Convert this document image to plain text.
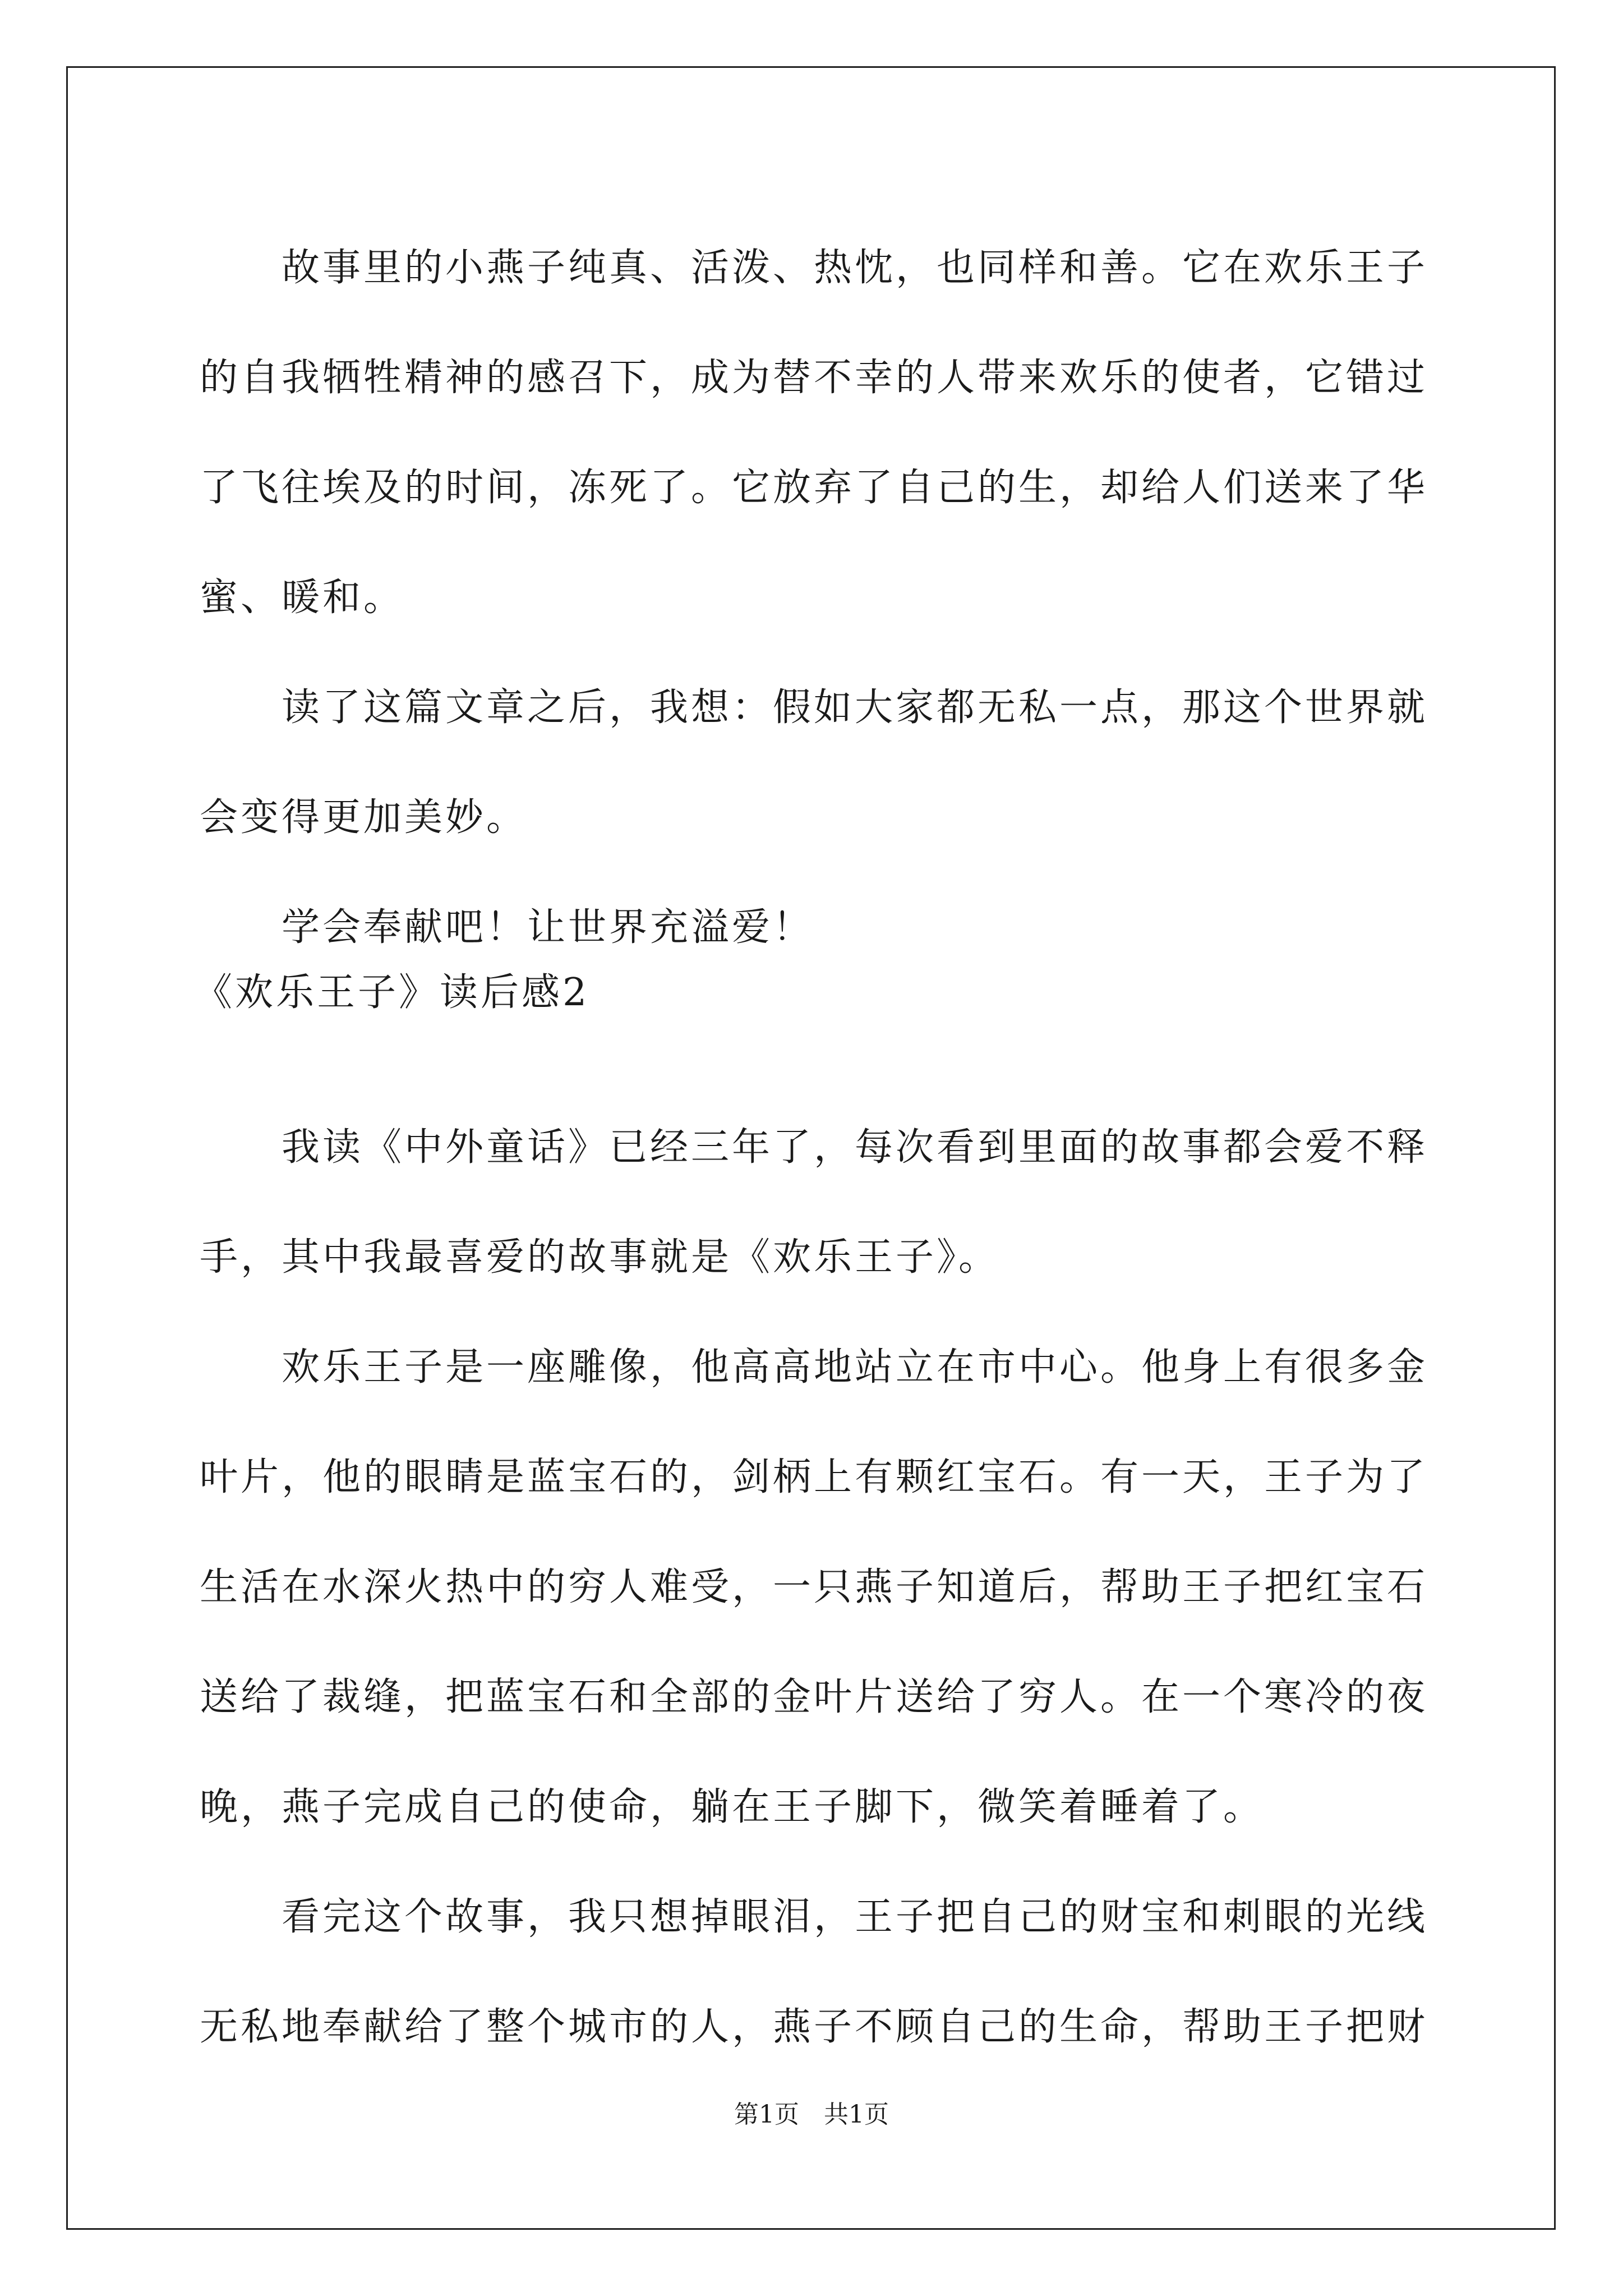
　　故事里的小燕子纯真、活泼、热忱，也同样和善。它在欢乐王子
的自我牺牲精神的感召下，成为替不幸的人带来欢乐的使者，它错过
了飞往埃及的时间，冻死了。它放弃了自己的生，却给人们送来了华
蜜、暖和。
　　读了这篇文章之后，我想：假如大家都无私一点，那这个世界就
会变得更加美妙。
　　学会奉献吧！让世界充溢爱！
　　我读《中外童话》已经三年了，每次看到里面的故事都会爱不释
手，其中我最喜爱的故事就是《欢乐王子》。
　　欢乐王子是一座雕像，他高高地站立在市中心。他身上有很多金
叶片，他的眼睛是蓝宝石的，剑柄上有颗红宝石。有一天，王子为了
生活在水深火热中的穷人难受，一只燕子知道后，帮助王子把红宝石
送给了裁缝，把蓝宝石和全部的金叶片送给了穷人。在一个寒冷的夜
晚，燕子完成自己的使命，躺在王子脚下，微笑着睡着了。
　　看完这个故事，我只想掉眼泪，王子把自己的财宝和刺眼的光线
无私地奉献给了整个城市的人，燕子不顾自己的生命，帮助王子把财
《欢乐王子》读后感2
第1页　共1页
